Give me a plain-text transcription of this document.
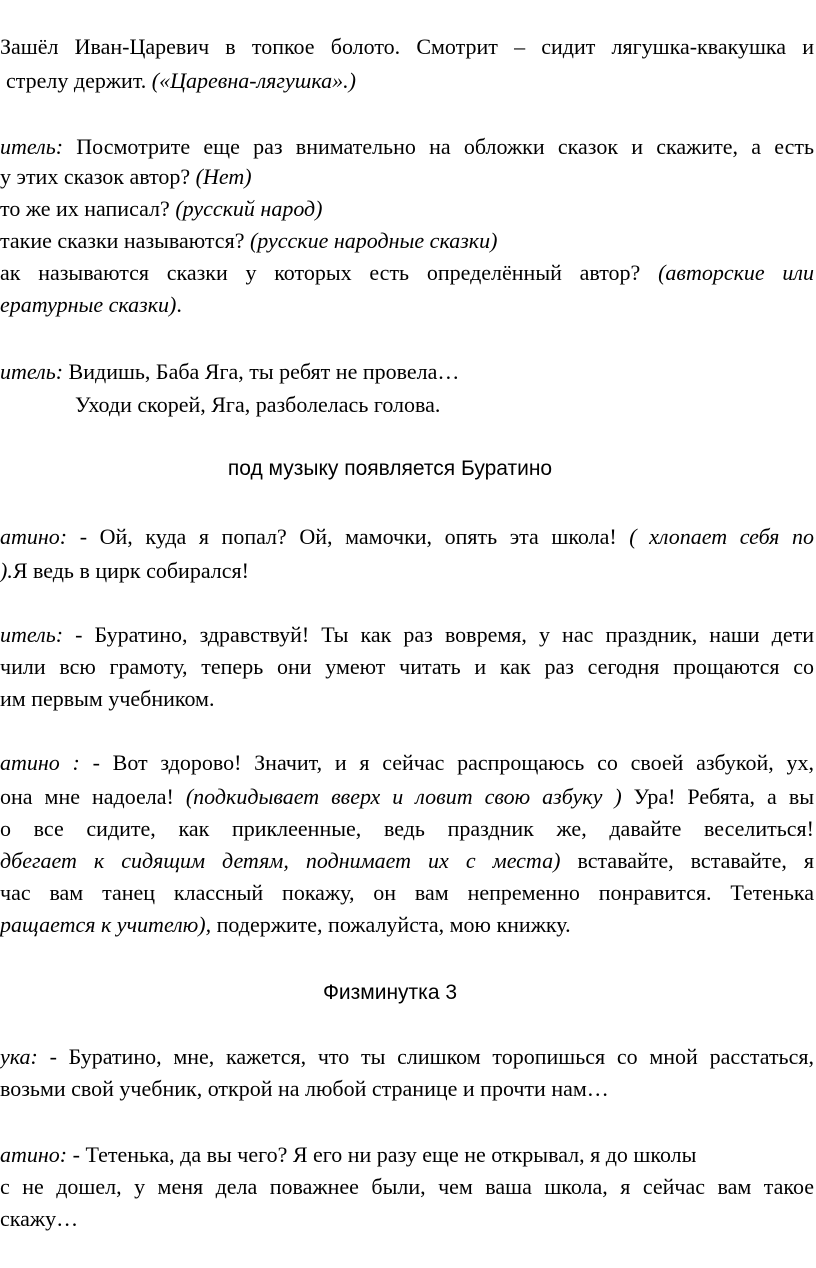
Зашёл Иван-Царевич в топкое болото. Смотрит – сидит лягушка-квакушка и
стрелу держит. («Царевна-лягушка».)
итель: Посмотрите еще раз внимательно на обложки сказок и скажите, а есть
у этих сказок автор? (Нет)
то же их написал? (русский народ)
такие сказки называются? (русские народные сказки)
ак называются сказки у которых есть определённый автор? (авторские или
ературные сказки).
итель: Видишь, Баба Яга, ты ребят не провела…
Уходи скорей, Яга, разболелась голова.
под музыку появляется Буратино
атино: - Ой, куда я попал? Ой, мамочки, опять эта школа! ( хлопает себя по
).Я ведь в цирк собирался!
итель: - Буратино, здравствуй! Ты как раз вовремя, у нас праздник, наши дети
чили всю грамоту, теперь они умеют читать и как раз сегодня прощаются со
им первым учебником.
атино : - Вот здорово! Значит, и я сейчас распрощаюсь со своей азбукой, ух,
она мне надоела! (подкидывает вверх и ловит свою азбуку ) Ура! Ребята, а вы
о все сидите, как приклеенные, ведь праздник же, давайте веселиться!
дбегает к сидящим детям, поднимает их с места) вставайте, вставайте, я
час вам танец классный покажу, он вам непременно понравится. Тетенька
ращается к учителю), подержите, пожалуйста, мою книжку.
Физминутка 3
ука: - Буратино, мне, кажется, что ты слишком торопишься со мной расстаться,
возьми свой учебник, открой на любой странице и прочти нам…
атино: - Тетенька, да вы чего? Я его ни разу еще не открывал, я до школы
с не дошел, у меня дела поважнее были, чем ваша школа, я сейчас вам такое
скажу…
